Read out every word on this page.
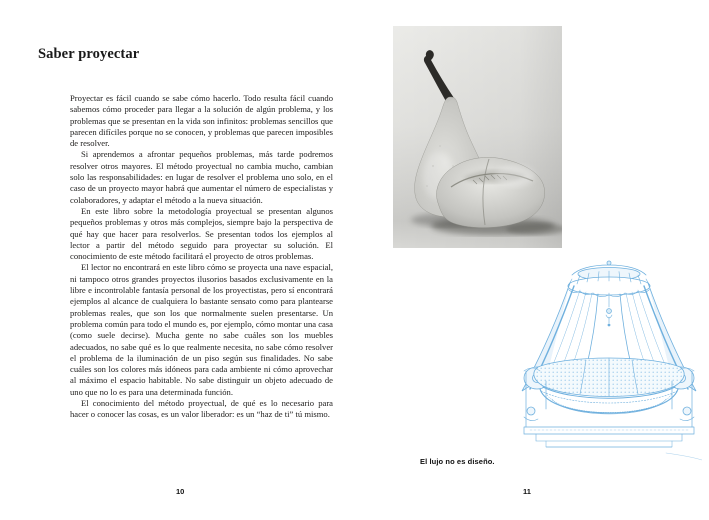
Saber proyectar

Proyectar es fácil cuando se sabe cómo hacerlo. Todo resulta fácil cuando sabemos cómo proceder para llegar a la solución de algún problema, y los problemas que se presentan en la vida son infinitos: problemas sencillos que parecen difíciles porque no se conocen, y problemas que parecen imposibles de resolver.

Si aprendemos a afrontar pequeños problemas, más tarde podremos resolver otros mayores. El método proyectual no cambia mucho, cambian solo las responsabilidades: en lugar de resolver el problema uno solo, en el caso de un proyecto mayor habrá que aumentar el número de especialistas y colaboradores, y adaptar el método a la nueva situación.

En este libro sobre la metodología proyectual se presentan algunos pequeños problemas y otros más complejos, siempre bajo la perspectiva de qué hay que hacer para resolverlos. Se presentan todos los ejemplos al lector a partir del método seguido para proyectar su solución. El conocimiento de este método facilitará el proyecto de otros problemas.

El lector no encontrará en este libro cómo se proyecta una nave espacial, ni tampoco otros grandes proyectos ilusorios basados exclusivamente en la libre e incontrolable fantasía personal de los proyectistas, pero sí encontrará ejemplos al alcance de cualquiera lo bastante sensato como para plantearse problemas reales, que son los que normalmente suelen presentarse. Un problema común para todo el mundo es, por ejemplo, cómo montar una casa (como suele decirse). Mucha gente no sabe cuáles son los muebles adecuados, no sabe qué es lo que realmente necesita, no sabe cómo resolver el problema de la iluminación de un piso según sus finalidades. No sabe cuáles son los colores más idóneos para cada ambiente ni cómo aprovechar al máximo el espacio habitable. No sabe distinguir un objeto adecuado de uno que no lo es para una determinada función.

El conocimiento del método proyectual, de qué es lo necesario para hacer o conocer las cosas, es un valor liberador: es un “haz de ti” tú mismo.

10
El lujo no es diseño.
11
